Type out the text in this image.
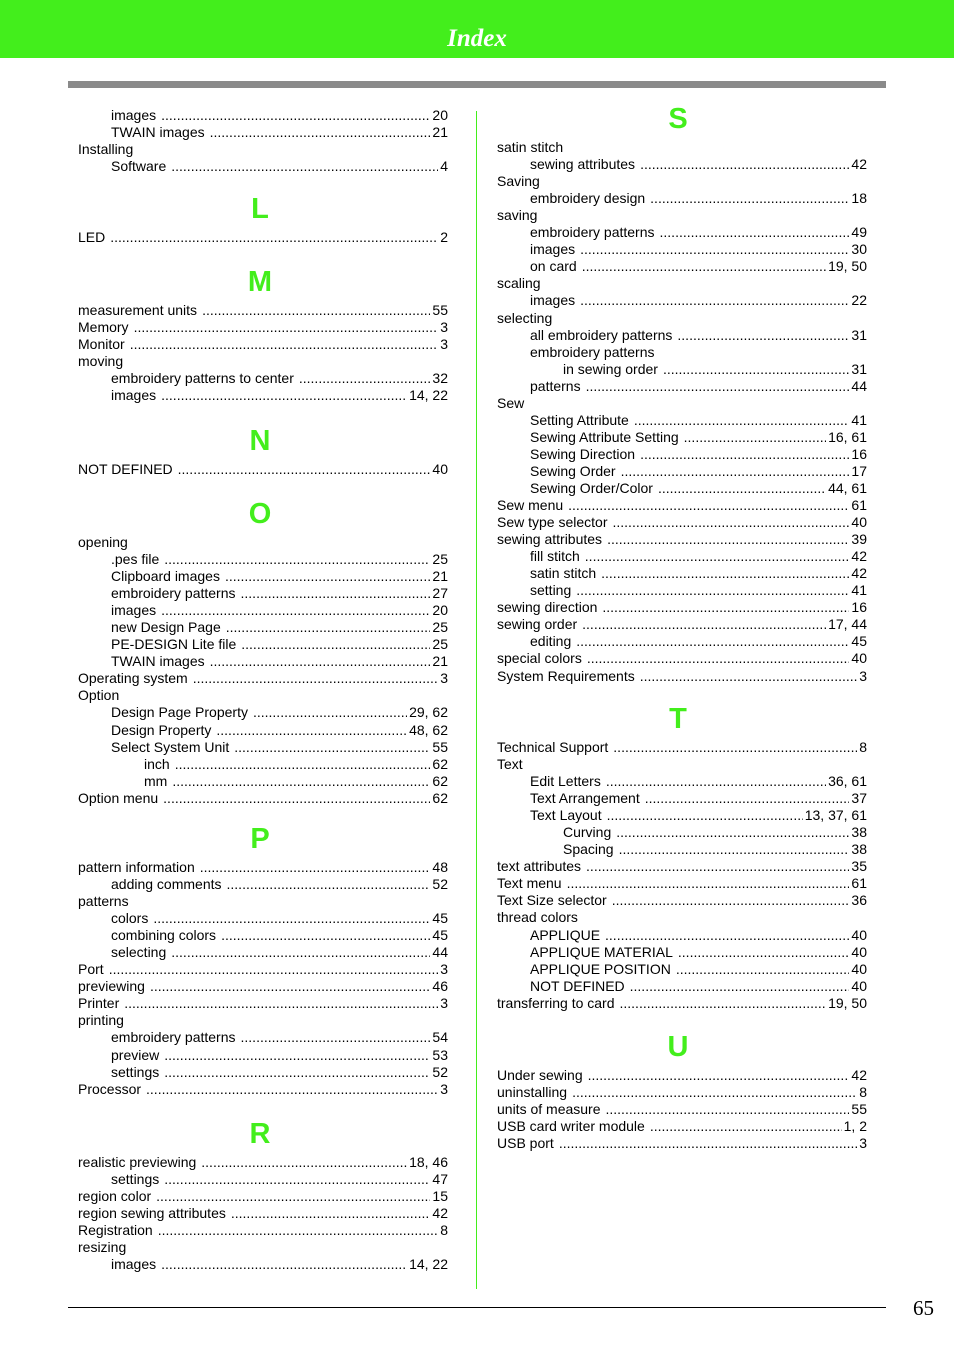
Index
images .....	20
TWAIN images .....	21
Installing
Software .....	4
L
LED .....	2
M
measurement units .....	55
Memory .....	3
Monitor .....	3
moving
embroidery patterns to center .....	32
images .....	14, 22
N
NOT DEFINED .....	40
O
opening
.pes file .....	25
Clipboard images .....	21
embroidery patterns .....	27
images .....	20
new Design Page .....	25
PE-DESIGN Lite file .....	25
TWAIN images .....	21
Operating system .....	3
Option
Design Page Property .....	29, 62
Design Property .....	48, 62
Select System Unit .....	55
inch .....	62
mm .....	62
Option menu .....	62
P
pattern information .....	48
adding comments .....	52
patterns
colors .....	45
combining colors .....	45
selecting .....	44
Port .....	3
previewing .....	46
Printer .....	3
printing
embroidery patterns .....	54
preview .....	53
settings .....	52
Processor .....	3
R
realistic previewing .....	18, 46
settings .....	47
region color .....	15
region sewing attributes .....	42
Registration .....	8
resizing
images .....	14, 22
S
satin stitch
sewing attributes .....	42
Saving
embroidery design .....	18
saving
embroidery patterns .....	49
images .....	30
on card .....	19, 50
scaling
images .....	22
selecting
all embroidery patterns .....	31
embroidery patterns
in sewing order .....	31
patterns .....	44
Sew
Setting Attribute .....	41
Sewing Attribute Setting .....	16, 61
Sewing Direction .....	16
Sewing Order .....	17
Sewing Order/Color .....	44, 61
Sew menu .....	61
Sew type selector .....	40
sewing attributes .....	39
fill stitch .....	42
satin stitch .....	42
setting .....	41
sewing direction .....	16
sewing order .....	17, 44
editing .....	45
special colors .....	40
System Requirements .....	3
T
Technical Support .....	8
Text
Edit Letters .....	36, 61
Text Arrangement .....	37
Text Layout .....	13, 37, 61
Curving .....	38
Spacing .....	38
text attributes .....	35
Text menu .....	61
Text Size selector .....	36
thread colors
APPLIQUE .....	40
APPLIQUE MATERIAL .....	40
APPLIQUE POSITION .....	40
NOT DEFINED .....	40
transferring to card .....	19, 50
U
Under sewing .....	42
uninstalling .....	8
units of measure .....	55
USB card writer module .....	1, 2
USB port .....	3
65
